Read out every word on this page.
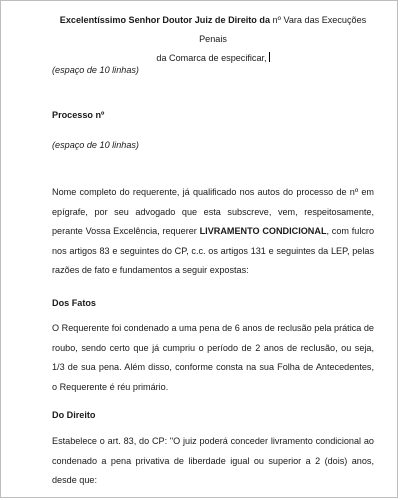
Excelentíssimo Senhor Doutor Juiz de Direito da nº Vara das Execuções Penais
da Comarca de especificar,
(espaço de 10 linhas)
Processo nº
(espaço de 10 linhas)

Nome completo do requerente, já qualificado nos autos do processo de nº em epígrafe, por seu advogado que esta subscreve, vem, respeitosamente, perante Vossa Excelência, requerer LIVRAMENTO CONDICIONAL, com fulcro nos artigos 83 e seguintes do CP, c.c. os artigos 131 e seguintes da LEP, pelas razões de fato e fundamentos a seguir expostas:

Dos Fatos

O Requerente foi condenado a uma pena de 6 anos de reclusão pela prática de roubo, sendo certo que já cumpriu o período de 2 anos de reclusão, ou seja, 1/3 de sua pena. Além disso, conforme consta na sua Folha de Antecedentes, o Requerente é réu primário.

Do Direito

Estabelece o art. 83, do CP: "O juiz poderá conceder livramento condicional ao condenado a pena privativa de liberdade igual ou superior a 2 (dois) anos, desde que:
